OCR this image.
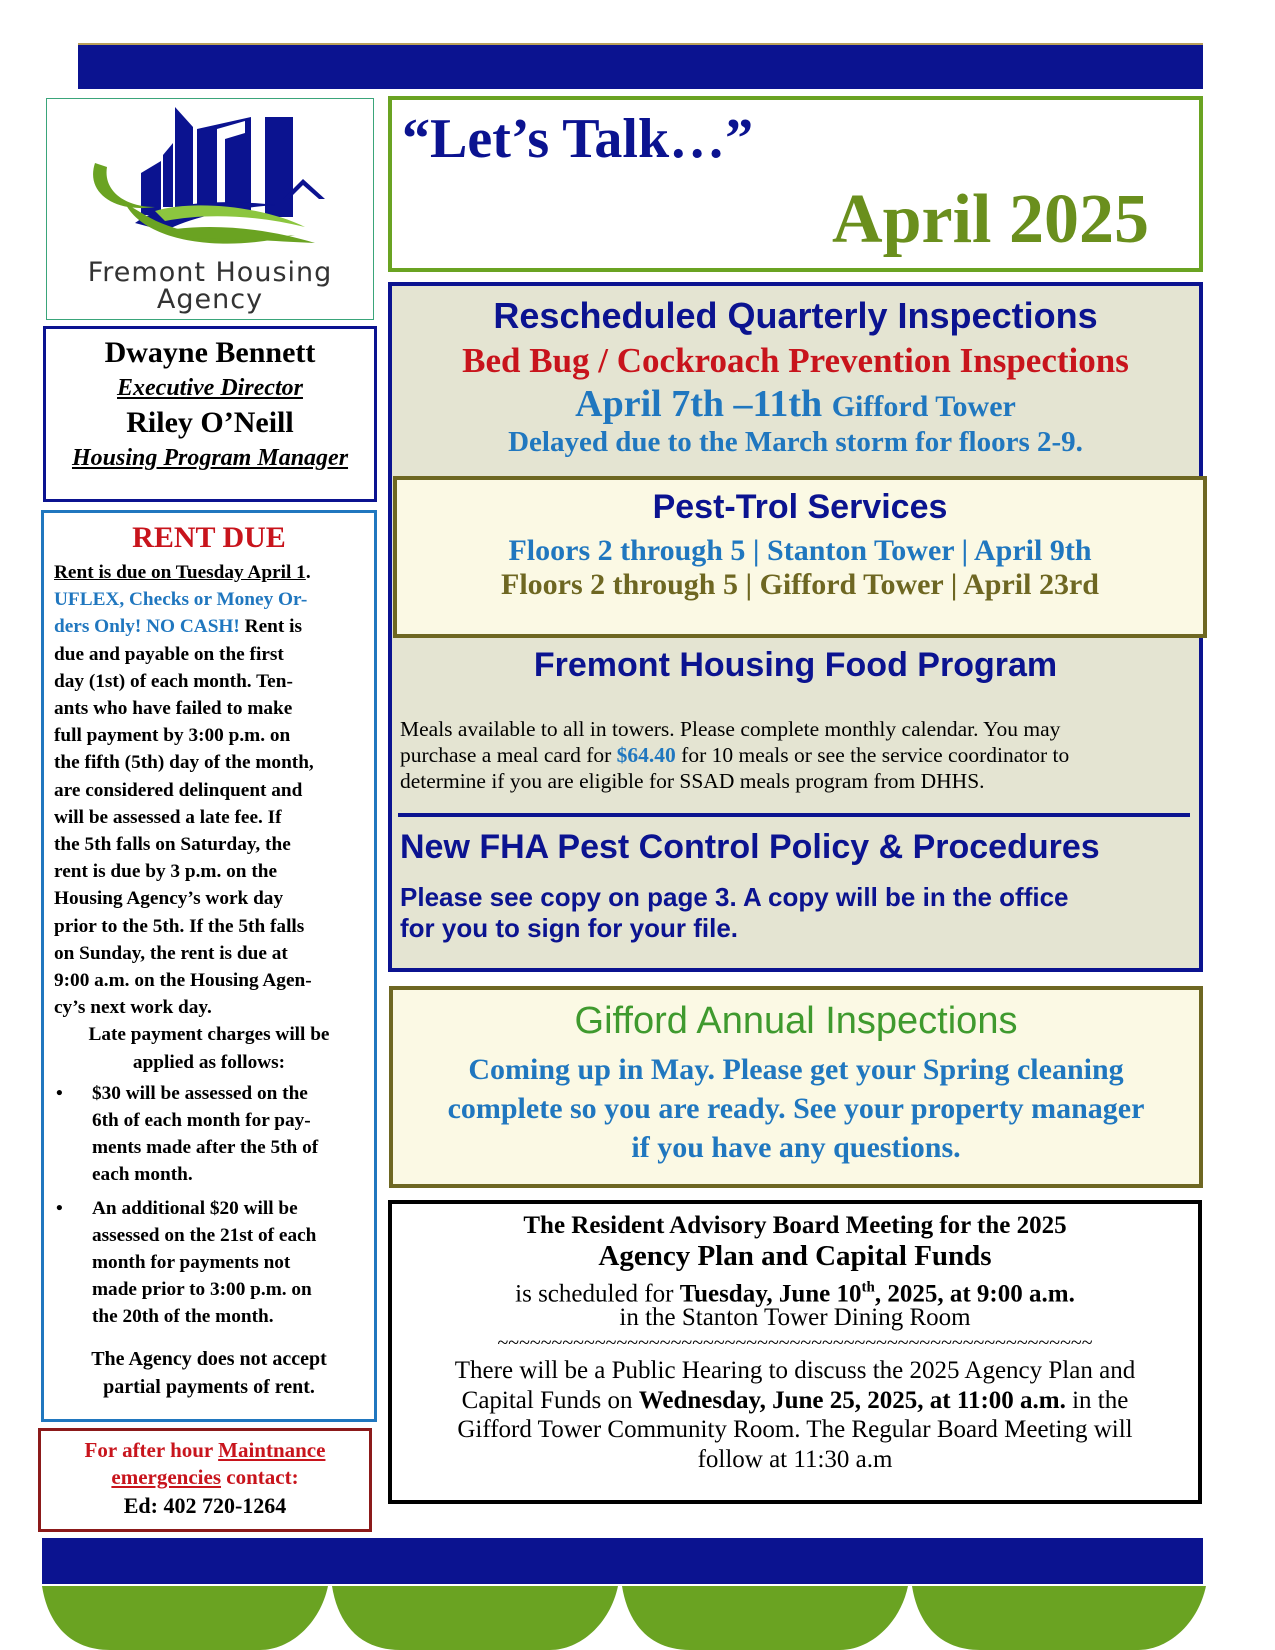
Fremont Housing
Agency
Dwayne Bennett
Executive Director
Riley O’Neill
Housing Program Manager
RENT DUE
Rent is due on Tuesday April 1.
UFLEX, Checks or Money Or-
ders Only! NO CASH! Rent is
due and payable on the first
day (1st) of each month. Ten-
ants who have failed to make
full payment by 3:00 p.m. on
the fifth (5th) day of the month,
are considered delinquent and
will be assessed a late fee. If
the 5th falls on Saturday, the
rent is due by 3 p.m. on the
Housing Agency’s work day
prior to the 5th. If the 5th falls
on Sunday, the rent is due at
9:00 a.m. on the Housing Agen-
cy’s next work day.
Late payment charges will be
applied as follows:
• $30 will be assessed on the
6th of each month for pay-
ments made after the 5th of
each month.
• An additional $20 will be
assessed on the 21st of each
month for payments not
made prior to 3:00 p.m. on
the 20th of the month.
The Agency does not accept
partial payments of rent.
For after hour Maintnance
emergencies contact:
Ed: 402 720-1264
“Let’s Talk…”
April 2025
Rescheduled Quarterly Inspections
Bed Bug / Cockroach Prevention Inspections
April 7th –11th Gifford Tower
Delayed due to the March storm for floors 2-9.
Fremont Housing Food Program
Meals available to all in towers. Please complete monthly calendar. You may
purchase a meal card for $64.40 for 10 meals or see the service coordinator to
determine if you are eligible for SSAD meals program from DHHS.
New FHA Pest Control Policy & Procedures
Please see copy on page 3. A copy will be in the office
for you to sign for your file.
Pest-Trol Services
Floors 2 through 5 | Stanton Tower | April 9th
Floors 2 through 5 | Gifford Tower | April 23rd
Gifford Annual Inspections
Coming up in May. Please get your Spring cleaning
complete so you are ready. See your property manager
if you have any questions.
The Resident Advisory Board Meeting for the 2025
Agency Plan and Capital Funds
is scheduled for Tuesday, June 10th, 2025, at 9:00 a.m.
in the Stanton Tower Dining Room
~~~~~~~~~~~~~~~~~~~~~~~~~~~~~~~~~~~~~~~~~~~~~~~~~~~~~~~
There will be a Public Hearing to discuss the 2025 Agency Plan and
Capital Funds on Wednesday, June 25, 2025, at 11:00 a.m. in the
Gifford Tower Community Room. The Regular Board Meeting will
follow at 11:30 a.m
